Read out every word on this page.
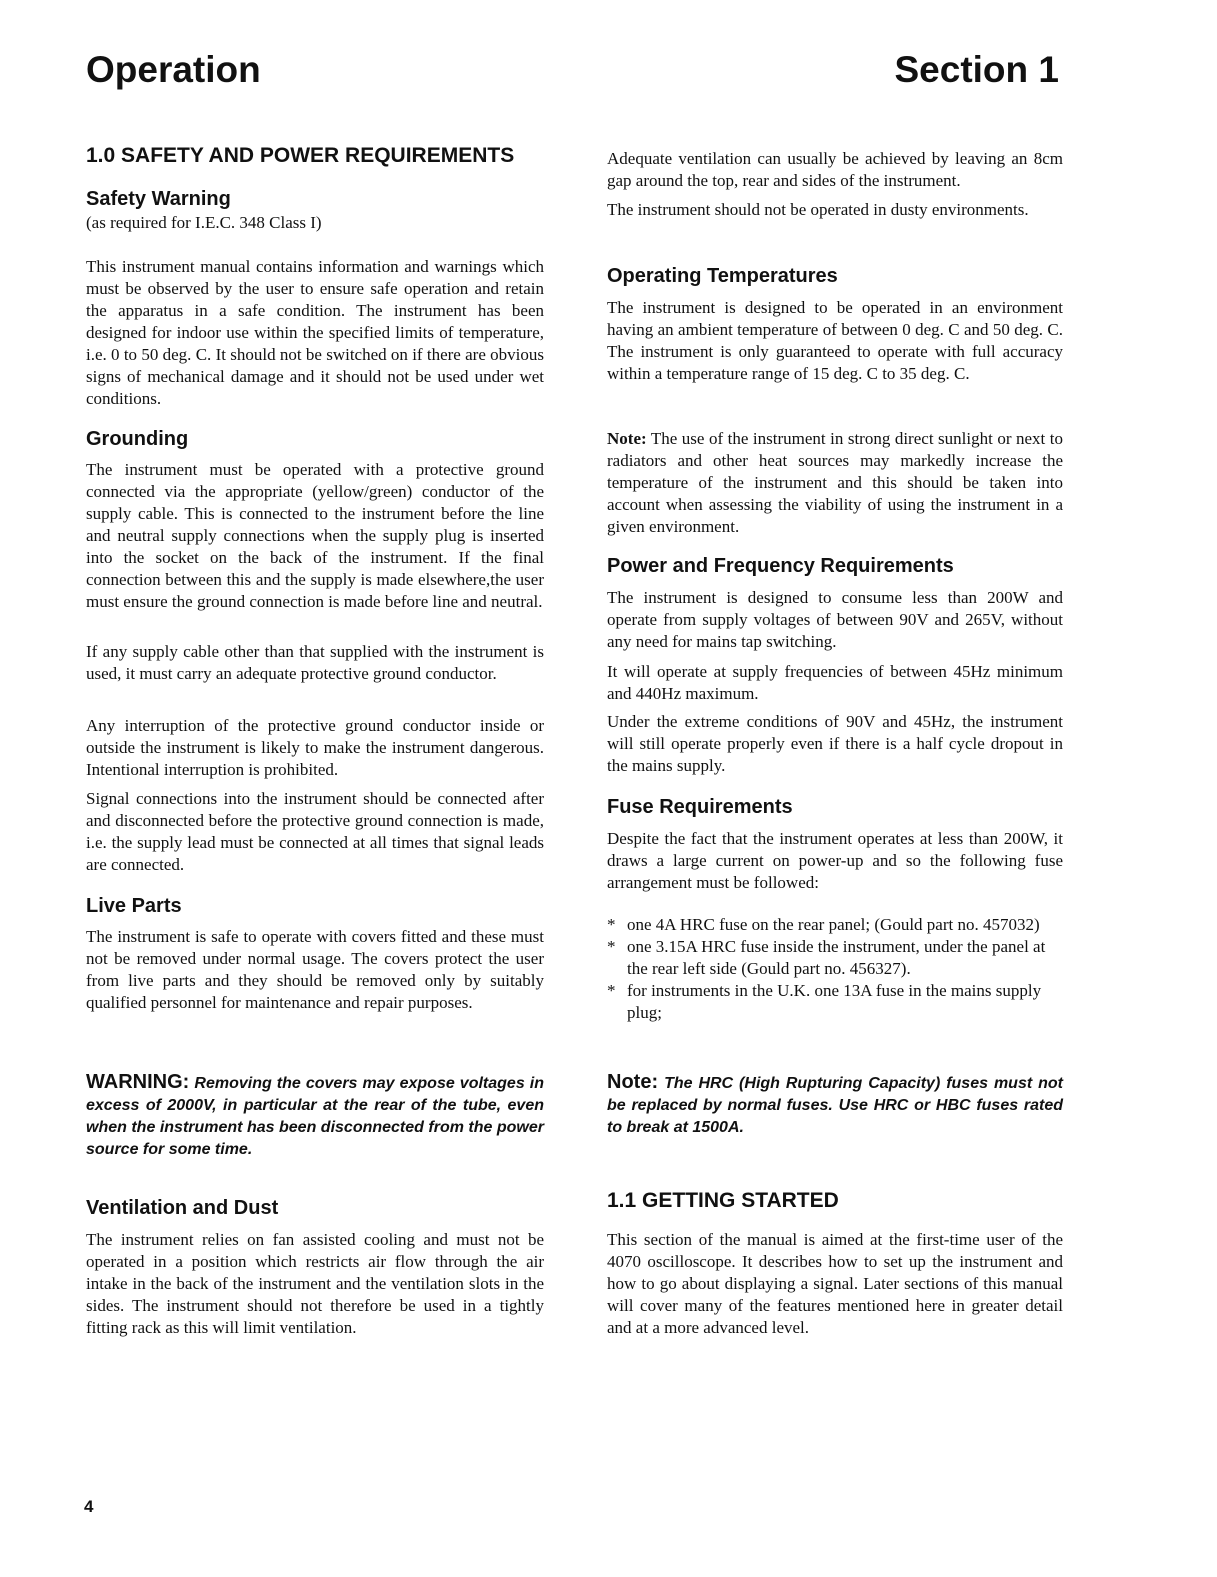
Operation	Section 1
1.0 SAFETY AND POWER REQUIREMENTS
Safety Warning

(as required for I.E.C. 348 Class I)

This instrument manual contains information and warnings which must be observed by the user to ensure safe operation and retain the apparatus in a safe condition. The instrument has been designed for indoor use within the specified limits of temperature, i.e. 0 to 50 deg. C. It should not be switched on if there are obvious signs of mechanical damage and it should not be used under wet conditions.

Grounding

The instrument must be operated with a protective ground connected via the appropriate (yellow/green) conductor of the supply cable. This is connected to the instrument before the line and neutral supply connections when the supply plug is inserted into the socket on the back of the instrument. If the final connection between this and the supply is made elsewhere,the user must ensure the ground connection is made before line and neutral.

If any supply cable other than that supplied with the instrument is used, it must carry an adequate protective ground conductor.

Any interruption of the protective ground conductor inside or outside the instrument is likely to make the instrument dangerous. Intentional interruption is prohibited.

Signal connections into the instrument should be connected after and disconnected before the protective ground connection is made, i.e. the supply lead must be connected at all times that signal leads are connected.

Live Parts

The instrument is safe to operate with covers fitted and these must not be removed under normal usage. The covers protect the user from live parts and they should be removed only by suitably qualified personnel for maintenance and repair purposes.

WARNING: Removing the covers may expose voltages in excess of 2000V, in particular at the rear of the tube, even when the instrument has been disconnected from the power source for some time.
Ventilation and Dust

The instrument relies on fan assisted cooling and must not be operated in a position which restricts air flow through the air intake in the back of the instrument and the ventilation slots in the sides. The instrument should not therefore be used in a tightly fitting rack as this will limit ventilation.

Adequate ventilation can usually be achieved by leaving an 8cm gap around the top, rear and sides of the instrument.

The instrument should not be operated in dusty environments.

Operating Temperatures

The instrument is designed to be operated in an environment having an ambient temperature of between 0 deg. C and 50 deg. C. The instrument is only guaranteed to operate with full accuracy within a temperature range of 15 deg. C to 35 deg. C.

Note: The use of the instrument in strong direct sunlight or next to radiators and other heat sources may markedly increase the temperature of the instrument and this should be taken into account when assessing the viability of using the instrument in a given environment.

Power and Frequency Requirements

The instrument is designed to consume less than 200W and operate from supply voltages of between 90V and 265V, without any need for mains tap switching.

It will operate at supply frequencies of between 45Hz minimum and 440Hz maximum.

Under the extreme conditions of 90V and 45Hz, the instrument will still operate properly even if there is a half cycle dropout in the mains supply.

Fuse Requirements

Despite the fact that the instrument operates at less than 200W, it draws a large current on power-up and so the following fuse arrangement must be followed:

* one 4A HRC fuse on the rear panel; (Gould part no. 457032)
* one 3.15A HRC fuse inside the instrument, under the panel at the rear left side (Gould part no. 456327).
* for instruments in the U.K. one 13A fuse in the mains supply plug;
Note: The HRC (High Rupturing Capacity) fuses must not be replaced by normal fuses. Use HRC or HBC fuses rated to break at 1500A.
1.1 GETTING STARTED

This section of the manual is aimed at the first-time user of the 4070 oscilloscope. It describes how to set up the instrument and how to go about displaying a signal. Later sections of this manual will cover many of the features mentioned here in greater detail and at a more advanced level.

4
